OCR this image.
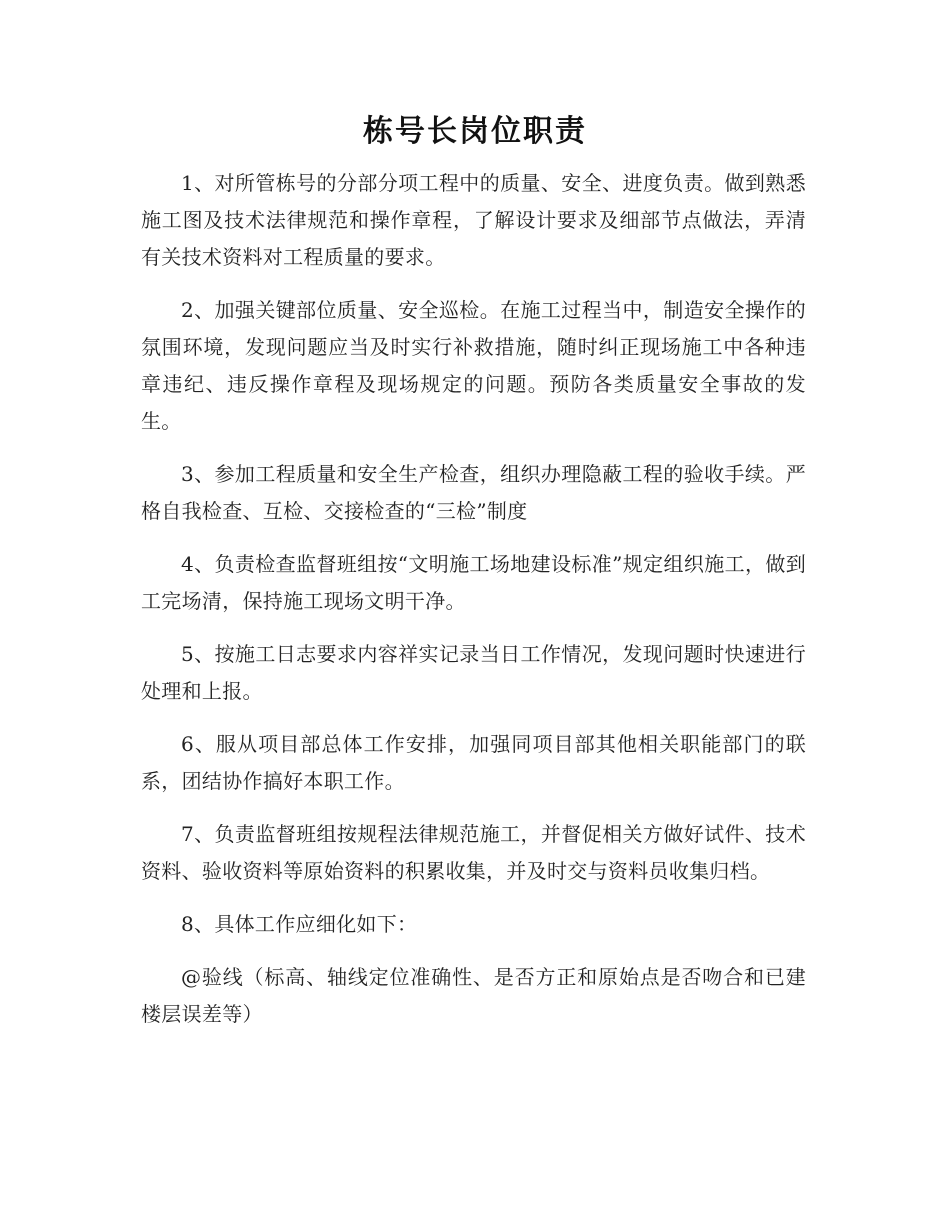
栋号长岗位职责

1、对所管栋号的分部分项工程中的质量、安全、进度负责。做到熟悉施工图及技术法律规范和操作章程，了解设计要求及细部节点做法，弄清有关技术资料对工程质量的要求。

2、加强关键部位质量、安全巡检。在施工过程当中，制造安全操作的氛围环境，发现问题应当及时实行补救措施，随时纠正现场施工中各种违章违纪、违反操作章程及现场规定的问题。预防各类质量安全事故的发生。

3、参加工程质量和安全生产检查，组织办理隐蔽工程的验收手续。严格自我检查、互检、交接检查的“三检”制度

4、负责检查监督班组按“文明施工场地建设标准”规定组织施工，做到工完场清，保持施工现场文明干净。

5、按施工日志要求内容祥实记录当日工作情况，发现问题时快速进行处理和上报。

6、服从项目部总体工作安排，加强同项目部其他相关职能部门的联系，团结协作搞好本职工作。

7、负责监督班组按规程法律规范施工，并督促相关方做好试件、技术资料、验收资料等原始资料的积累收集，并及时交与资料员收集归档。

8、具体工作应细化如下：

@验线（标高、轴线定位准确性、是否方正和原始点是否吻合和已建楼层误差等）
